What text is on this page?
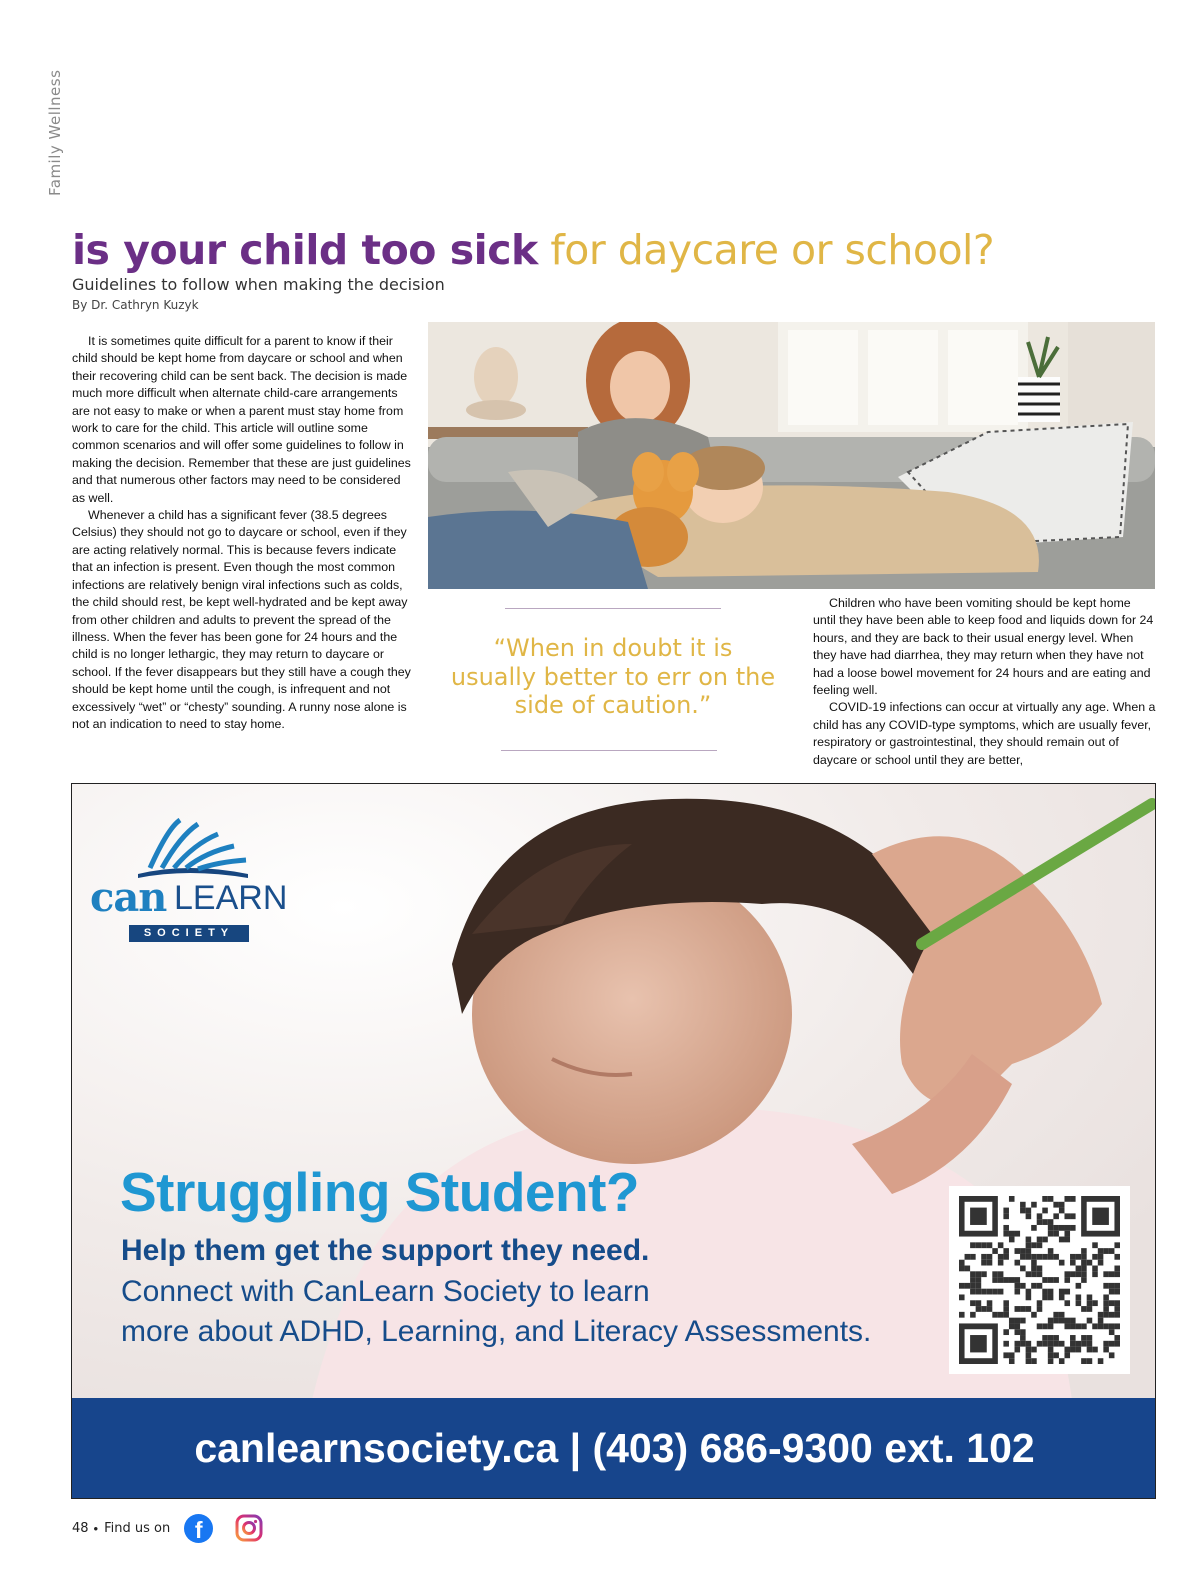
Family Wellness
is your child too sick for daycare or school?
Guidelines to follow when making the decision
By Dr. Cathryn Kuzyk

It is sometimes quite difficult for a parent to know if their child should be kept home from daycare or school and when their recovering child can be sent back. The decision is made much more difficult when alternate child-care arrangements are not easy to make or when a parent must stay home from work to care for the child. This article will outline some common scenarios and will offer some guidelines to follow in making the decision. Remember that these are just guidelines and that numerous other factors may need to be considered as well.

Whenever a child has a significant fever (38.5 degrees Celsius) they should not go to daycare or school, even if they are acting relatively normal. This is because fevers indicate that an infection is present. Even though the most common infections are relatively benign viral infections such as colds, the child should rest, be kept well-hydrated and be kept away from other children and adults to prevent the spread of the illness. When the fever has been gone for 24 hours and the child is no longer lethargic, they may return to daycare or school. If the fever disappears but they still have a cough they should be kept home until the cough, is infrequent and not excessively “wet” or “chesty” sounding. A runny nose alone is not an indication to need to stay home.

“When in doubt it is usually better to err on the side of caution.”

Children who have been vomiting should be kept home until they have been able to keep food and liquids down for 24 hours, and they are back to their usual energy level. When they have had diarrhea, they may return when they have not had a loose bowel movement for 24 hours and are eating and feeling well.

COVID-19 infections can occur at virtually any age. When a child has any COVID-type symptoms, which are usually fever, respiratory or gastrointestinal, they should remain out of daycare or school until they are better,

can LEARN
SOCIETY
Struggling Student?
Help them get the support they need.
Connect with CanLearn Society to learn
more about ADHD, Learning, and Literacy Assessments.
canlearnsociety.ca | (403) 686-9300 ext. 102
48 • Find us on	f
